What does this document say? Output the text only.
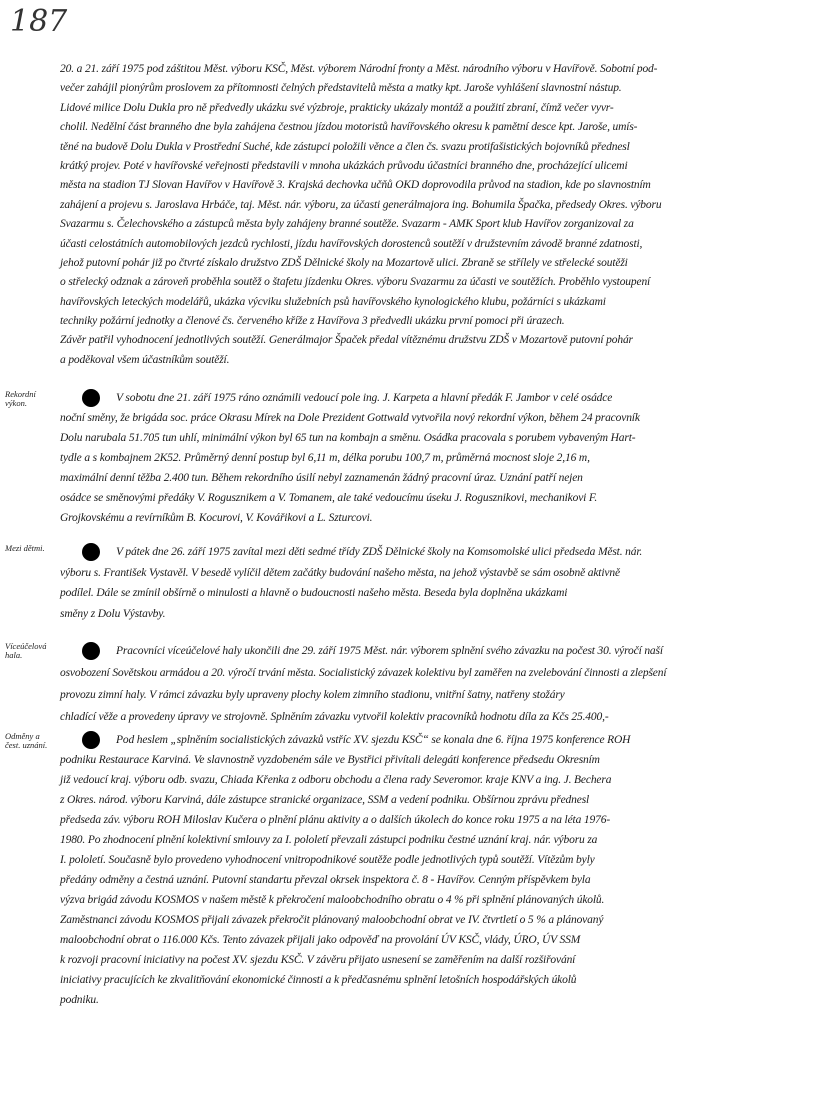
187
20. a 21. září 1975 pod záštitou Měst. výboru KSČ, Měst. výborem Národní fronty a Měst. národního výboru v Havířově. Sobotní pod-
večer zahájil pionýrům proslovem za přítomnosti čelných představitelů města a matky kpt. Jaroše vyhlášení slavnostní nástup.
Lidové milice Dolu Dukla pro ně předvedly ukázku své výzbroje, prakticky ukázaly montáž a použití zbraní, čímž večer vyvr-
cholil. Nedělní část branného dne byla zahájena čestnou jízdou motoristů havířovského okresu k pamětní desce kpt. Jaroše, umís-
těné na budově Dolu Dukla v Prostřední Suché, kde zástupci položili věnce a člen čs. svazu protifašistických bojovníků přednesl
krátký projev. Poté v havířovské veřejnosti představili v mnoha ukázkách průvodu účastníci branného dne, procházející ulicemi
města na stadion TJ Slovan Havířov v Havířově 3. Krajská dechovka učňů OKD doprovodila průvod na stadion, kde po slavnostním
zahájení a projevu s. Jaroslava Hrbáče, taj. Měst. nár. výboru, za účasti generálmajora ing. Bohumila Špačka, předsedy Okres. výboru
Svazarmu s. Čelechovského a zástupců města byly zahájeny branné soutěže. Svazarm - AMK Sport klub Havířov zorganizoval za
účasti celostátních automobilových jezdců rychlosti, jízdu havířovských dorostenců soutěží v družstevním závodě branné zdatnosti,
jehož putovní pohár již po čtvrté získalo družstvo ZDŠ Dělnické školy na Mozartově ulici. Zbraně se střílely ve střelecké soutěži
o střelecký odznak a zároveň proběhla soutěž o štafetu jízdenku Okres. výboru Svazarmu za účasti ve soutěžích. Proběhlo vystoupení
havířovských leteckých modelářů, ukázka výcviku služebních psů havířovského kynologického klubu, požárníci s ukázkami
techniky požární jednotky a členové čs. červeného kříže z Havířova 3 předvedli ukázku první pomoci při úrazech.
Závěr patřil vyhodnocení jednotlivých soutěží. Generálmajor Špaček předal vítěznému družstvu ZDŠ v Mozartově putovní pohár
a poděkoval všem účastníkům soutěží.
Rekordní výkon.	V sobotu dne 21. září 1975 ráno oznámili vedoucí pole ing. J. Karpeta a hlavní předák F. Jambor v celé osádce
noční směny, že brigáda soc. práce Okrasu Mírek na Dole Prezident Gottwald vytvořila nový rekordní výkon, během 24 pracovník
Dolu narubala 51.705 tun uhlí, minimální výkon byl 65 tun na kombajn a směnu. Osádka pracovala s porubem vybaveným Hart-
tydle a s kombajnem 2K52. Průměrný denní postup byl 6,11 m, délka porubu 100,7 m, průměrná mocnost sloje 2,16 m,
maximální denní těžba 2.400 tun. Během rekordního úsilí nebyl zaznamenán žádný pracovní úraz. Uznání patří nejen
osádce se směnovými předáky V. Rogusznikem a V. Tomanem, ale také vedoucímu úseku J. Rogusznikovi, mechanikovi F.
Grojkovskému a revírníkům B. Kocurovi, V. Kovářikovi a L. Szturcovi.
Mezi dětmi.	V pátek dne 26. září 1975 zavítal mezi děti sedmé třídy ZDŠ Dělnické školy na Komsomolské ulici předseda Měst. nár.
výboru s. František Vystavěl. V besedě vylíčil dětem začátky budování našeho města, na jehož výstavbě se sám osobně aktivně
podílel. Dále se zmínil obšírně o minulosti a hlavně o budoucnosti našeho města. Beseda byla doplněna ukázkami
směny z Dolu Výstavby.
Víceúčelová hala.	Pracovníci víceúčelové haly ukončili dne 29. září 1975 Měst. nár. výborem splnění svého závazku na počest 30. výročí naší
osvobození Sovětskou armádou a 20. výročí trvání města. Socialistický závazek kolektivu byl zaměřen na zvelebování činnosti a zlepšení
provozu zimní haly. V rámci závazku byly upraveny plochy kolem zimního stadionu, vnitřní šatny, natřeny stožáry
chladící věže a provedeny úpravy ve strojovně. Splněním závazku vytvořil kolektiv pracovníků hodnotu díla za Kčs 25.400,-
Odměny a čest. uznání.	Pod heslem „splněním socialistických závazků vstříc XV. sjezdu KSČ“ se konala dne 6. října 1975 konference ROH
podniku Restaurace Karviná. Ve slavnostně vyzdobeném sále ve Bystřici přivítali delegáti konference předsedu Okresním
již vedoucí kraj. výboru odb. svazu, Chiada Křenka z odboru obchodu a člena rady Severomor. kraje KNV a ing. J. Bechera
z Okres. národ. výboru Karviná, dále zástupce stranické organizace, SSM a vedení podniku. Obšírnou zprávu přednesl
předseda záv. výboru ROH Miloslav Kučera o plnění plánu aktivity a o dalších úkolech do konce roku 1975 a na léta 1976-
1980. Po zhodnocení plnění kolektivní smlouvy za I. pololetí převzali zástupci podniku čestné uznání kraj. nár. výboru za
I. pololetí. Současně bylo provedeno vyhodnocení vnitropodnikové soutěže podle jednotlivých typů soutěží. Vítězům byly
předány odměny a čestná uznání. Putovní standartu převzal okrsek inspektora č. 8 - Havířov. Cenným příspěvkem byla
výzva brigád závodu KOSMOS v našem městě k překročení maloobchodního obratu o 4 % při splnění plánovaných úkolů.
Zaměstnanci závodu KOSMOS přijali závazek překročit plánovaný maloobchodní obrat ve IV. čtvrtletí o 5 % a plánovaný
maloobchodní obrat o 116.000 Kčs. Tento závazek přijali jako odpověď na provolání ÚV KSČ, vlády, ÚRO, ÚV SSM
k rozvoji pracovní iniciativy na počest XV. sjezdu KSČ. V závěru přijato usnesení se zaměřením na další rozšiřování
iniciativy pracujících ke zkvalitňování ekonomické činnosti a k předčasnému splnění letošních hospodářských úkolů
podniku.
